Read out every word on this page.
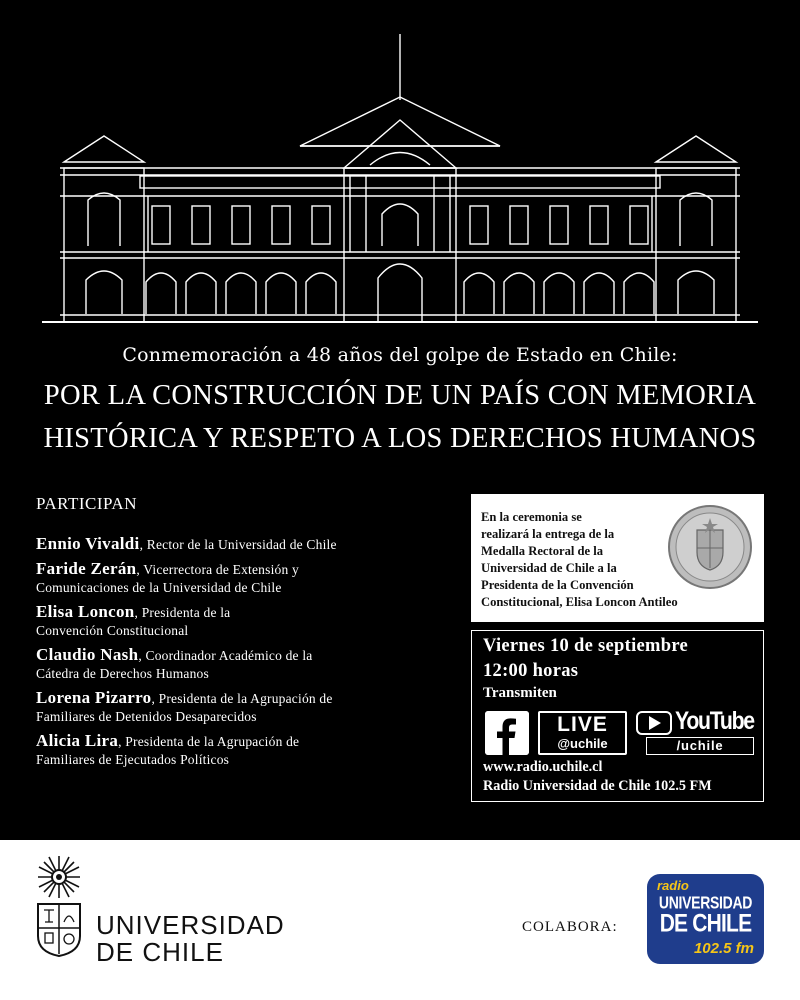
Conmemoración a 48 años del golpe de Estado en Chile:
POR LA CONSTRUCCIÓN DE UN PAÍS CON MEMORIA
HISTÓRICA Y RESPETO A LOS DERECHOS HUMANOS
PARTICIPAN
Ennio Vivaldi, Rector de la Universidad de Chile
Faride Zerán, Vicerrectora de Extensión y
Comunicaciones de la Universidad de Chile
Elisa Loncon, Presidenta de la
Convención Constitucional
Claudio Nash, Coordinador Académico de la
Cátedra de Derechos Humanos
Lorena Pizarro, Presidenta de la Agrupación de
Familiares de Detenidos Desaparecidos
Alicia Lira, Presidenta de la Agrupación de
Familiares de Ejecutados Políticos
En la ceremonia se
realizará la entrega de la
Medalla Rectoral de la
Universidad de Chile a la
Presidenta de la Convención
Constitucional, Elisa Loncon Antileo
Viernes 10 de septiembre
12:00 horas
Transmiten
LIVE
@uchile
YouTube
/uchile
www.radio.uchile.cl
Radio Universidad de Chile 102.5 FM
UNIVERSIDAD
DE CHILE
COLABORA:
radio
UNIVERSIDAD
DE CHILE
102.5 fm
